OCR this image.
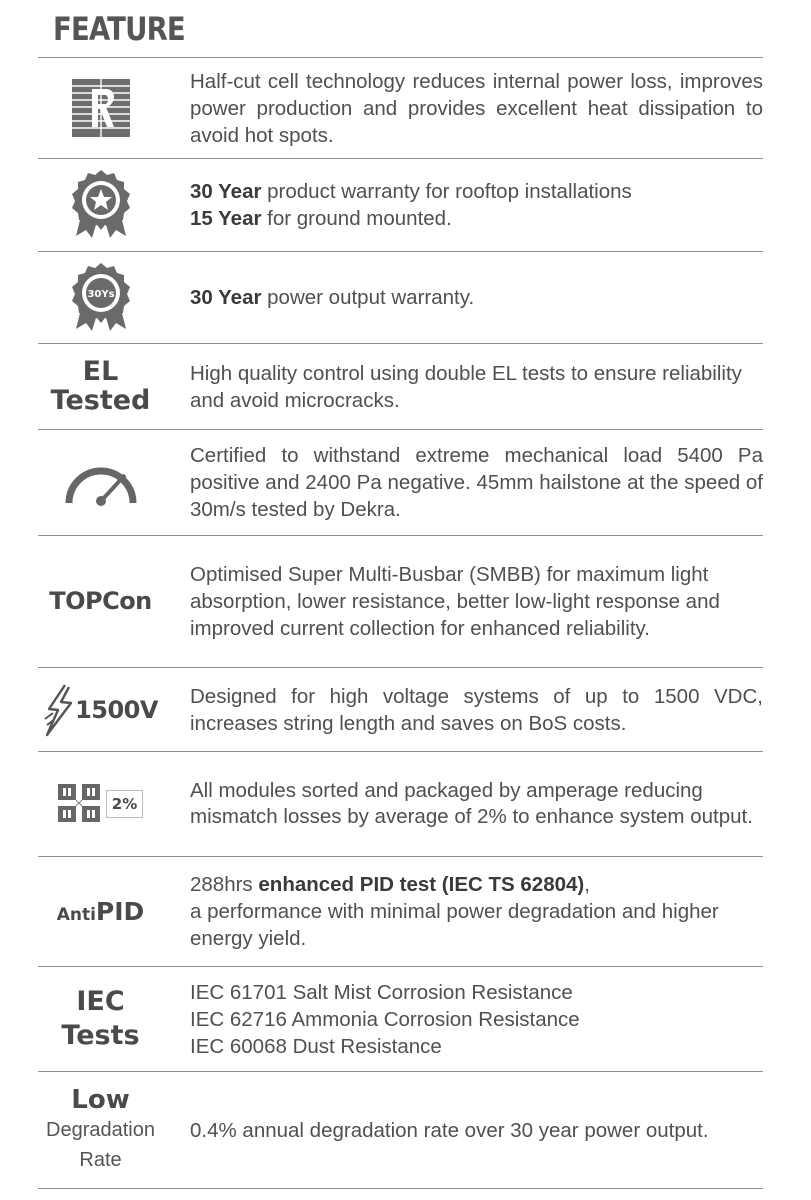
FEATURE

Half-cut cell technology reduces internal power loss, improves power production and provides excellent heat dissipation to avoid hot spots.

30 Year product warranty for rooftop installations

15 Year for ground mounted.

30Ys	30 Year power output warranty.

EL
Tested

High quality control using double EL tests to ensure reliability and avoid microcracks.

Certified to withstand extreme mechanical load 5400 Pa positive and 2400 Pa negative. 45mm hailstone at the speed of 30m/s tested by Dekra.

TOPCon

Optimised Super Multi-Busbar (SMBB) for maximum light absorption, lower resistance, better low-light response and improved current collection for enhanced reliability.

1500V Designed for high voltage systems of up to 1500 VDC, increases string length and saves on BoS costs.

2%

All modules sorted and packaged by amperage reducing mismatch losses by average of 2% to enhance system output.

AntiPID

288hrs enhanced PID test (IEC TS 62804),

a performance with minimal power degradation and higher energy yield.

IEC
Tests

IEC 61701 Salt Mist Corrosion Resistance

IEC 62716 Ammonia Corrosion Resistance

IEC 60068 Dust Resistance

Low
Degradation
Rate

0.4% annual degradation rate over 30 year power output.
